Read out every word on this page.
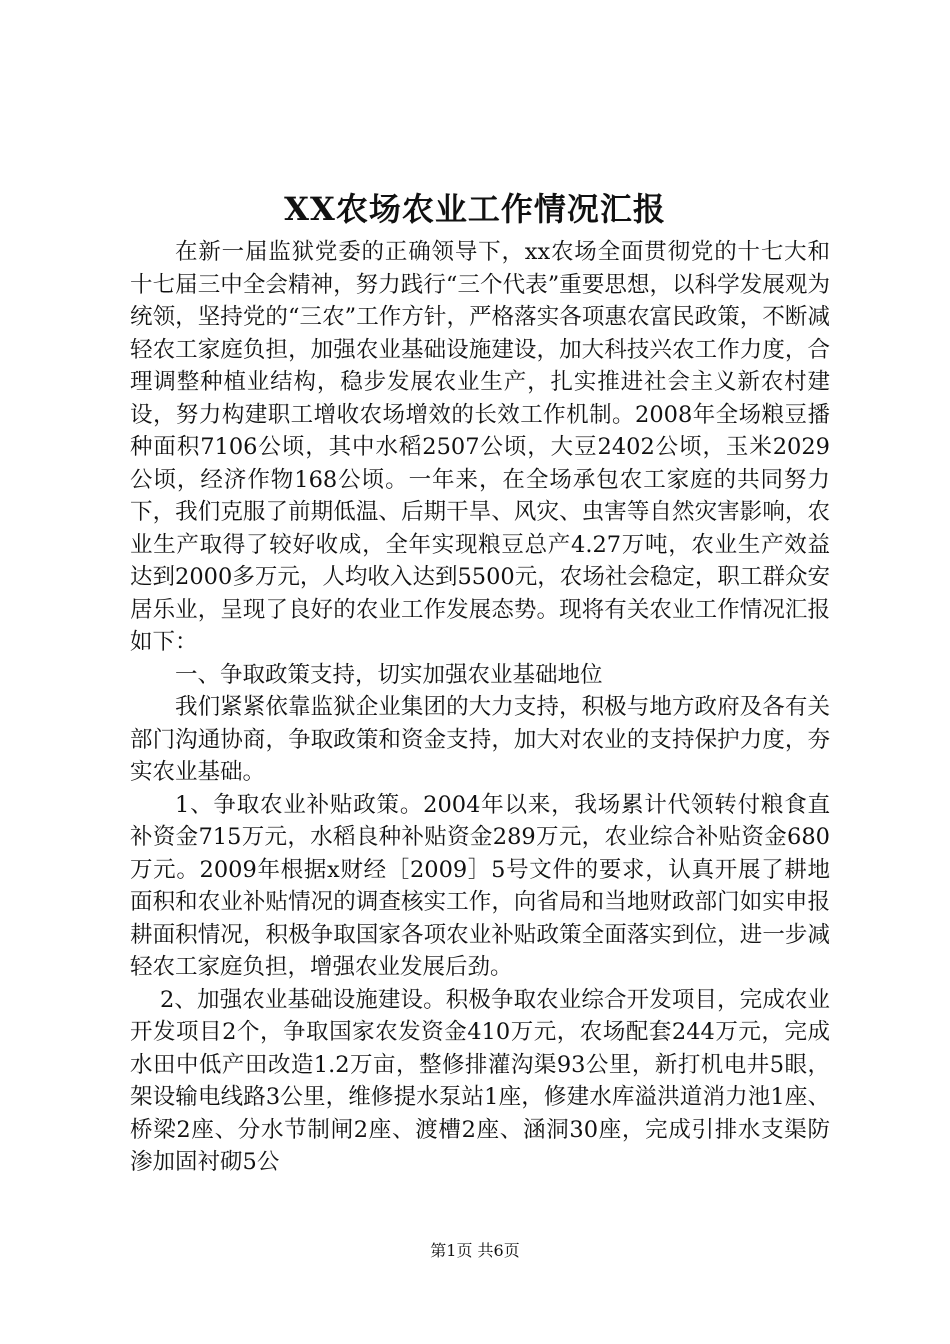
XX农场农业工作情况汇报

在新一届监狱党委的正确领导下，xx农场全面贯彻党的十七大和十七届三中全会精神，努力践行“三个代表”重要思想，以科学发展观为统领，坚持党的“三农”工作方针，严格落实各项惠农富民政策，不断减轻农工家庭负担，加强农业基础设施建设，加大科技兴农工作力度，合理调整种植业结构，稳步发展农业生产，扎实推进社会主义新农村建设，努力构建职工增收农场增效的长效工作机制。2008年全场粮豆播种面积7106公顷，其中水稻2507公顷，大豆2402公顷，玉米2029公顷，经济作物168公顷。一年来，在全场承包农工家庭的共同努力下，我们克服了前期低温、后期干旱、风灾、虫害等自然灾害影响，农业生产取得了较好收成，全年实现粮豆总产4.27万吨，农业生产效益达到2000多万元，人均收入达到5500元，农场社会稳定，职工群众安居乐业，呈现了良好的农业工作发展态势。现将有关农业工作情况汇报如下：

一、争取政策支持，切实加强农业基础地位

我们紧紧依靠监狱企业集团的大力支持，积极与地方政府及各有关部门沟通协商，争取政策和资金支持，加大对农业的支持保护力度，夯实农业基础。

1、争取农业补贴政策。2004年以来，我场累计代领转付粮食直补资金715万元，水稻良种补贴资金289万元，农业综合补贴资金680万元。2009年根据x财经［2009］5号文件的要求，认真开展了耕地面积和农业补贴情况的调查核实工作，向省局和当地财政部门如实申报耕面积情况，积极争取国家各项农业补贴政策全面落实到位，进一步减轻农工家庭负担，增强农业发展后劲。

2、加强农业基础设施建设。积极争取农业综合开发项目，完成农业开发项目2个，争取国家农发资金410万元，农场配套244万元，完成水田中低产田改造1.2万亩，整修排灌沟渠93公里，新打机电井5眼，架设输电线路3公里，维修提水泵站1座，修建水库溢洪道消力池1座、桥梁2座、分水节制闸2座、渡槽2座、涵洞30座，完成引排水支渠防渗加固衬砌5公

第1页 共6页
